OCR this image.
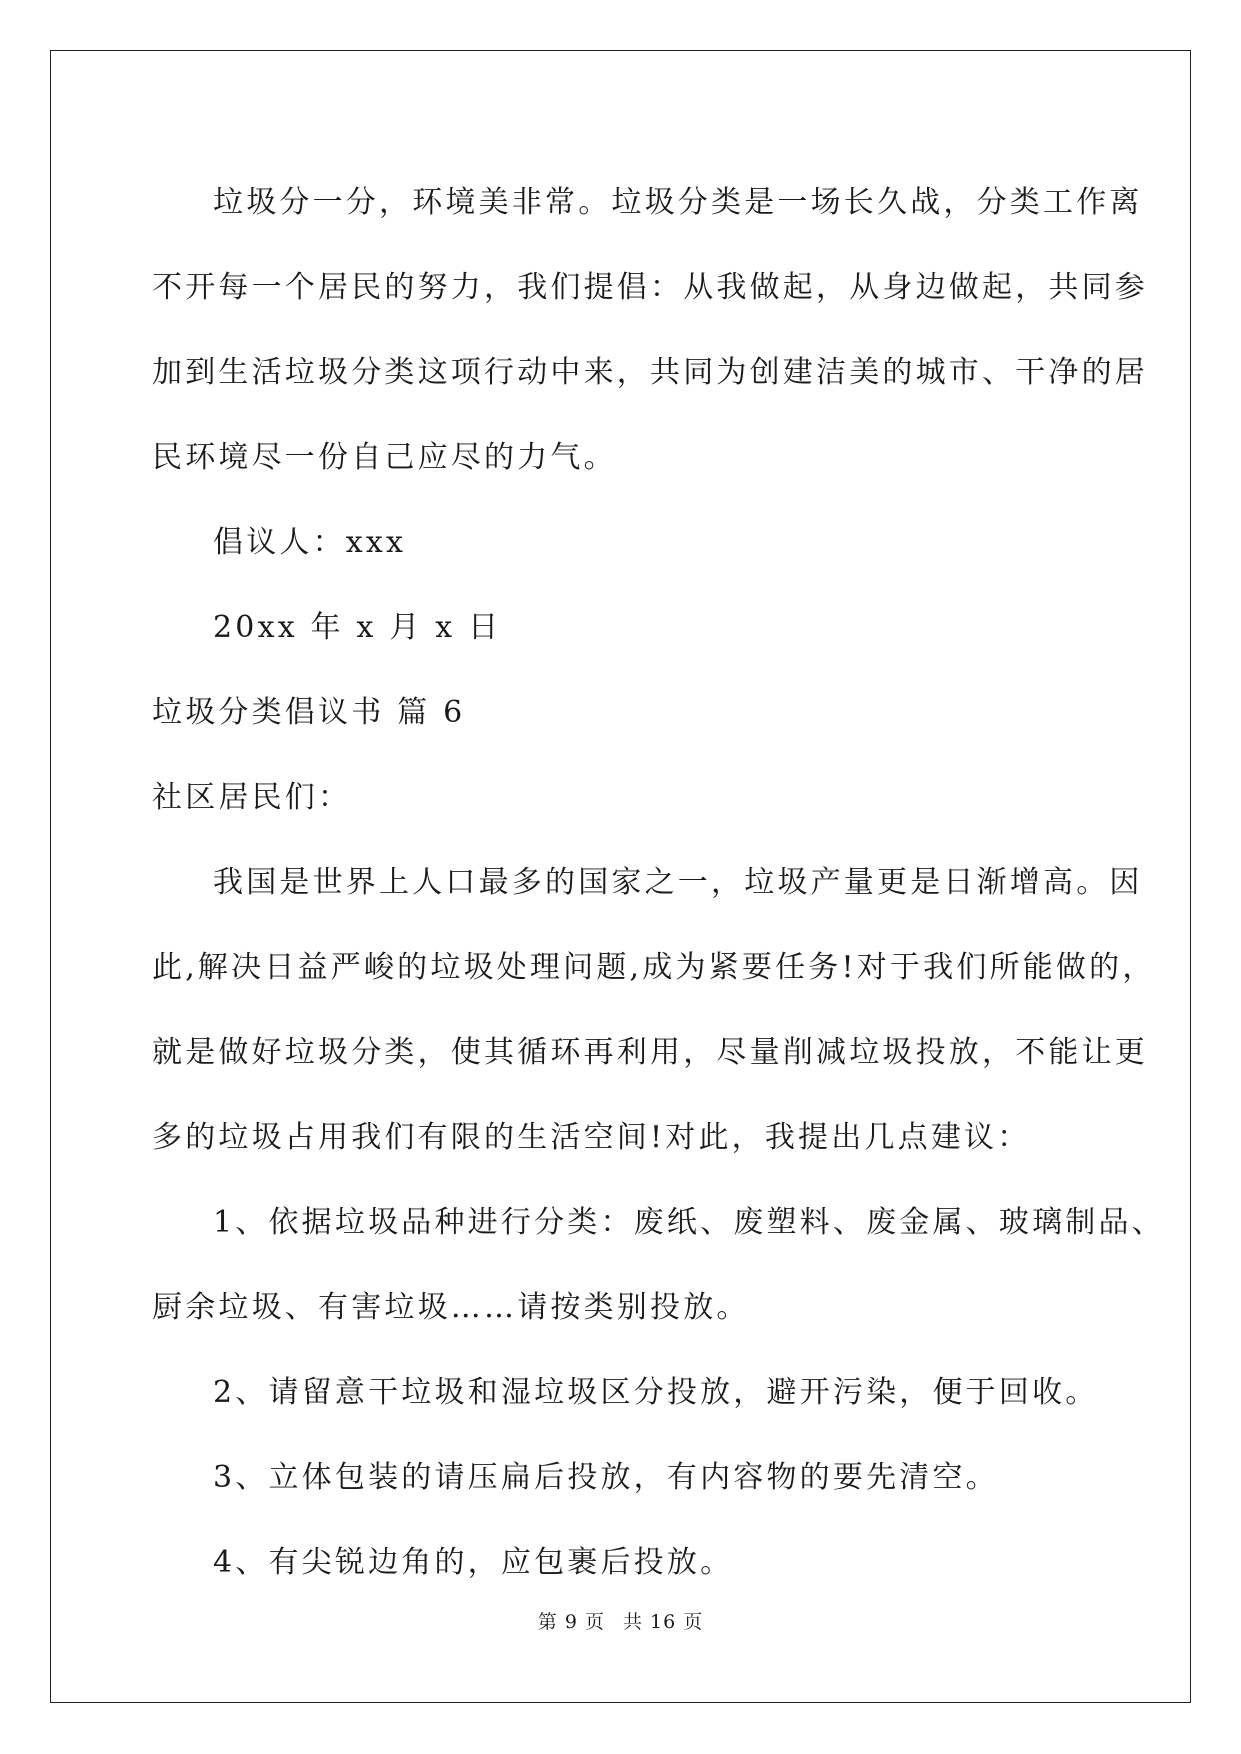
垃圾分一分，环境美非常。垃圾分类是一场长久战，分类工作离
不开每一个居民的努力，我们提倡：从我做起，从身边做起，共同参
加到生活垃圾分类这项行动中来，共同为创建洁美的城市、干净的居
民环境尽一份自己应尽的力气。
倡议人：xxx
20xx 年 x 月 x 日
垃圾分类倡议书 篇 6
社区居民们：
我国是世界上人口最多的国家之一，垃圾产量更是日渐增高。因
此,解决日益严峻的垃圾处理问题,成为紧要任务!对于我们所能做的，
就是做好垃圾分类，使其循环再利用，尽量削减垃圾投放，不能让更
多的垃圾占用我们有限的生活空间!对此，我提出几点建议：
1、依据垃圾品种进行分类：废纸、废塑料、废金属、玻璃制品、
厨余垃圾、有害垃圾……请按类别投放。
2、请留意干垃圾和湿垃圾区分投放，避开污染，便于回收。
3、立体包装的请压扁后投放，有内容物的要先清空。
4、有尖锐边角的，应包裹后投放。
第 9 页 共 16 页
